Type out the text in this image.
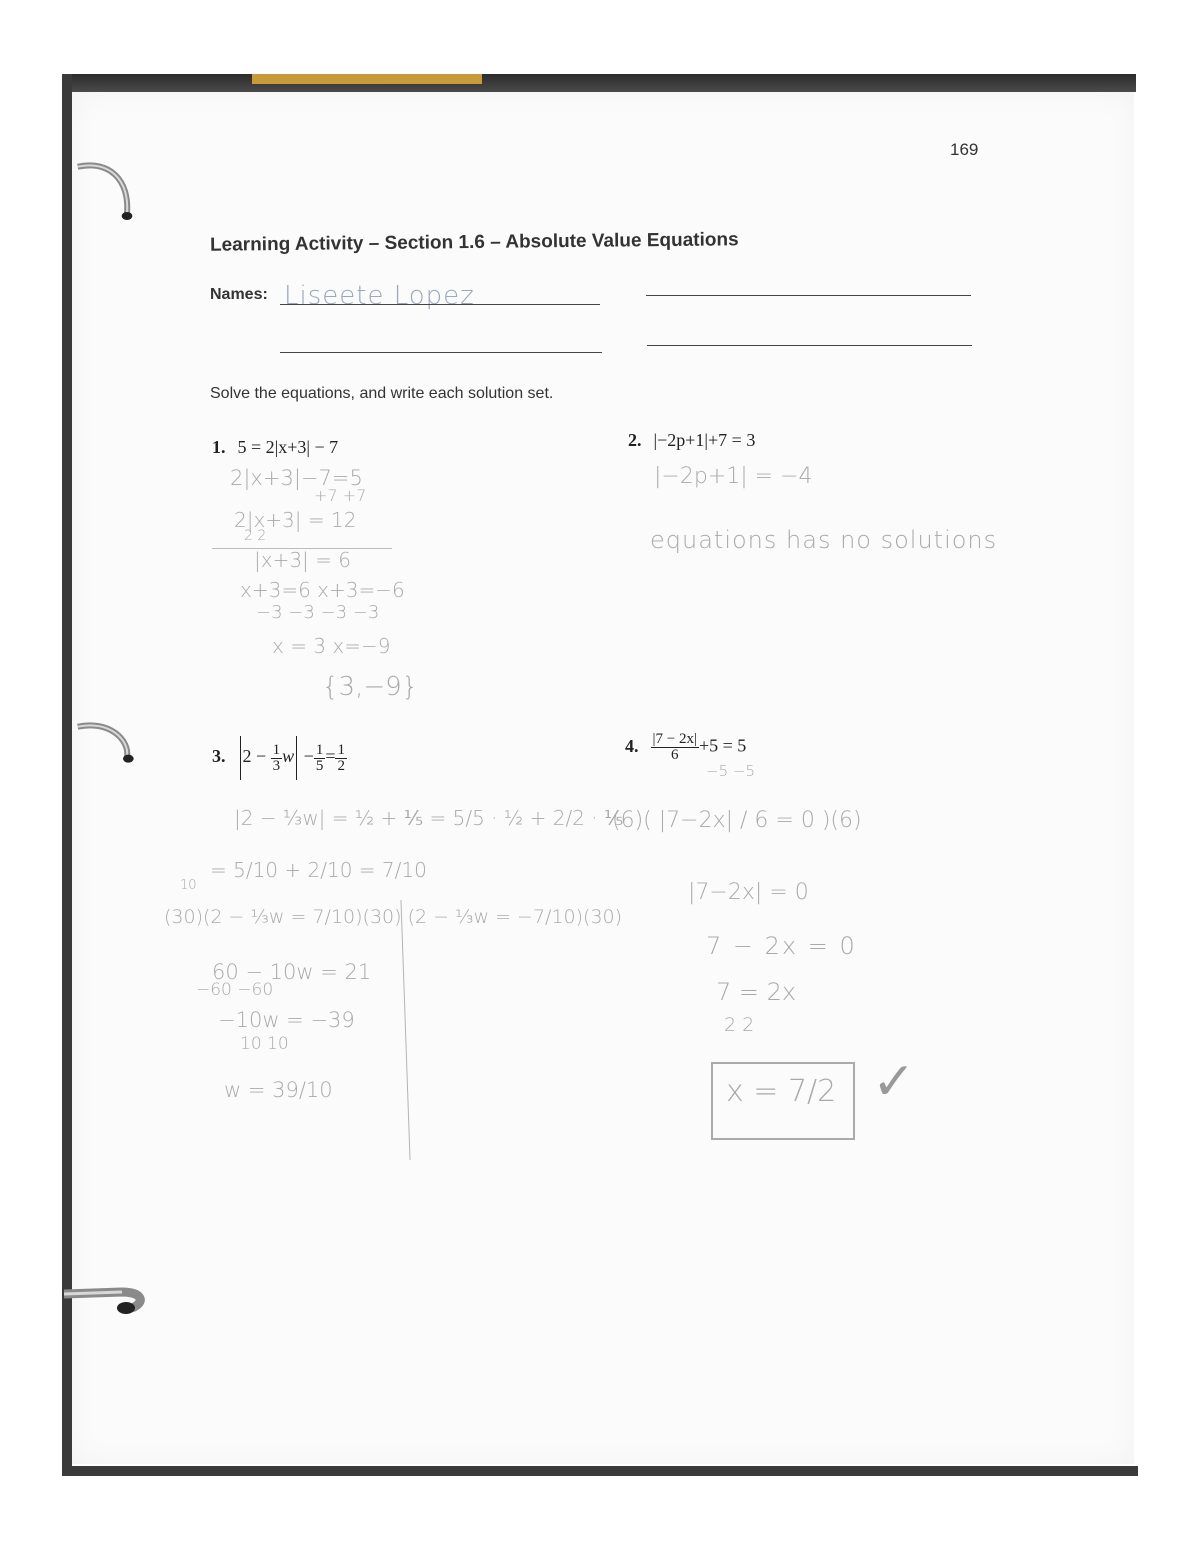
169
Learning Activity – Section 1.6 – Absolute Value Equations
Names: Liseete Lopez
Solve the equations, and write each solution set.
1. 5 = 2|x+3| − 7	2. |−2p+1|+7 = 3
3. $2 - \frac{1}{3}$ $w - \frac{1}{5} = \frac{1}{2}$	4. $\frac{|7 - 2x|}{6} +5 = 5$
2|x+3|−7=5
+7 +7
2|x+3| = 12
2 2
|x+3| = 6
x+3=6 x+3=−6
−3 −3 −3 −3
x = 3 x=−9
{3,−9}
|−2p+1| = −4
equations has no solutions
|2 − ⅓w| = ½ + ⅕ = 5/5 · ½ + 2/2 · ⅕
= 5/10 + 2/10 = 7/10
10
(30)(2 − ⅓w = 7/10)(30) (2 − ⅓w = −7/10)(30)
60 − 10w = 21
−60 −60
−10w = −39
10 10
w = 39/10
−5 −5
(6)( |7−2x| / 6 = 0 )(6)
|7−2x| = 0
7 − 2x = 0
7 = 2x
2 2
x = 7/2 ✓
